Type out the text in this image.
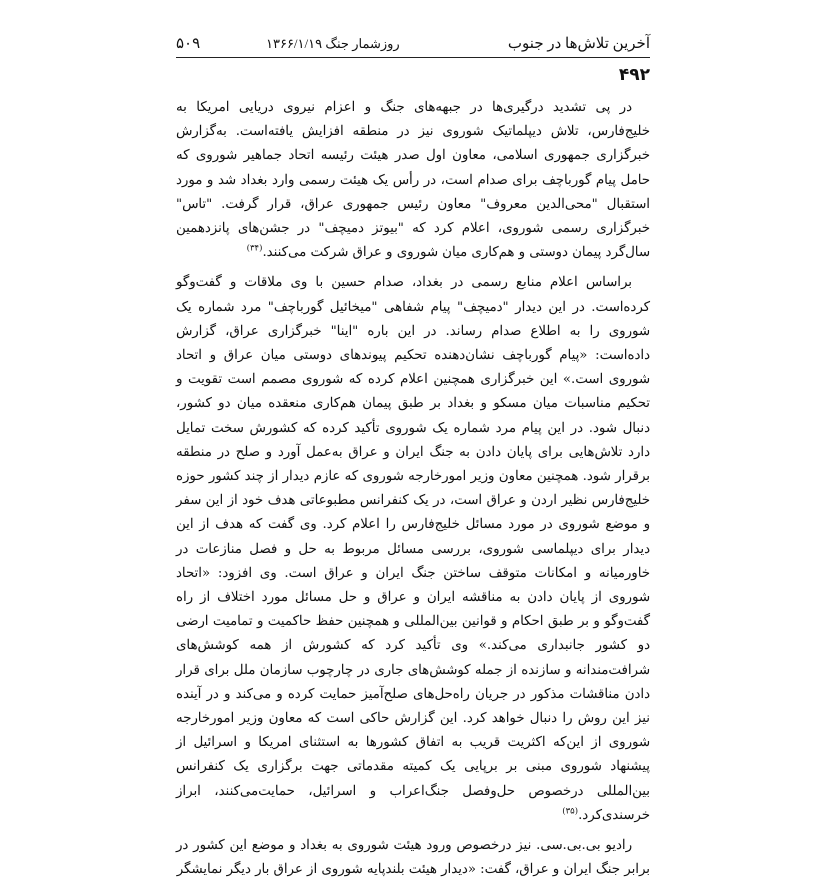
آخرین تلاش‌ها در جنوب
روزشمار جنگ ۱۳۶۶/۱/۱۹
۵۰۹
۴۹۲

در پی تشدید درگیری‌ها در جبهه‌های جنگ و اعزام نیروی دریایی امریکا به خلیج‌فارس، تلاش دیپلماتیک شوروی نیز در منطقه افزایش یافته‌است. به‌گزارش خبرگزاری جمهوری اسلامی، معاون اول صدر هیئت رئیسه اتحاد جماهیر شوروی که حامل پیام گورباچف برای صدام است، در رأس یک هیئت رسمی وارد بغداد شد و مورد استقبال "محی‌الدین معروف" معاون رئیس جمهوری عراق، قرار گرفت. "تاس" خبرگزاری رسمی شوروی، اعلام کرد که "بیوتز دمیچف" در جشن‌های پانزدهمین سال‌گرد پیمان دوستی و هم‌کاری میان شوروی و عراق شرکت می‌کنند.$^{(۳۴)}$

براساس اعلام منابع رسمی در بغداد، صدام حسین با وی ملاقات و گفت‌وگو کرده‌است. در این دیدار "دمیچف" پیام شفاهی "میخائیل گورباچف" مرد شماره یک شوروی را به اطلاع صدام رساند. در این باره "اینا" خبرگزاری عراق، گزارش داده‌است: «پیام گورباچف نشان‌دهنده تحکیم پیوندهای دوستی میان عراق و اتحاد شوروی است.» این خبرگزاری همچنین اعلام کرده که شوروی مصمم است تقویت و تحکیم مناسبات میان مسکو و بغداد بر طبق پیمان هم‌کاری منعقده میان دو کشور، دنبال شود. در این پیام مرد شماره یک شوروی تأکید کرده که کشورش سخت تمایل دارد تلاش‌هایی برای پایان دادن به جنگ ایران و عراق به‌عمل آورد و صلح در منطقه برقرار شود. همچنین معاون وزیر امورخارجه شوروی که عازم دیدار از چند کشور حوزه خلیج‌فارس نظیر اردن و عراق است، در یک کنفرانس مطبوعاتی هدف خود از این سفر و موضع شوروی در مورد مسائل خلیج‌فارس را اعلام کرد. وی گفت که هدف از این دیدار برای دیپلماسی شوروی، بررسی مسائل مربوط به حل و فصل منازعات در خاورمیانه و امکانات متوقف ساختن جنگ ایران و عراق است. وی افزود: «اتحاد شوروی از پایان دادن به مناقشه ایران و عراق و حل مسائل مورد اختلاف از راه گفت‌وگو و بر طبق احکام و قوانین بین‌المللی و همچنین حفظ حاکمیت و تمامیت ارضی دو کشور جانبداری می‌کند.» وی تأکید کرد که کشورش از همه کوشش‌های شرافت‌مندانه و سازنده از جمله کوشش‌های جاری در چارچوب سازمان ملل برای قرار دادن مناقشات مذکور در جریان راه‌حل‌های صلح‌آمیز حمایت کرده و می‌کند و در آینده نیز این روش را دنبال خواهد کرد. این گزارش حاکی است که معاون وزیر امورخارجه شوروی از این‌که اکثریت قریب به اتفاق کشورها به استثنای امریکا و اسرائیل از پیشنهاد شوروی مبنی بر برپایی یک کمیته مقدماتی جهت برگزاری یک کنفرانس بین‌المللی درخصوص حل‌وفصل جنگ‌اعراب و اسرائیل، حمایت‌می‌کنند، ابراز خرسندی‌کرد.$^{(۳۵)}$

رادیو بی.بی.سی. نیز درخصوص ورود هیئت شوروی به بغداد و موضع این کشور در برابر جنگ ایران و عراق، گفت: «دیدار هیئت بلندپایه شوروی از عراق بار دیگر نمایشگر
